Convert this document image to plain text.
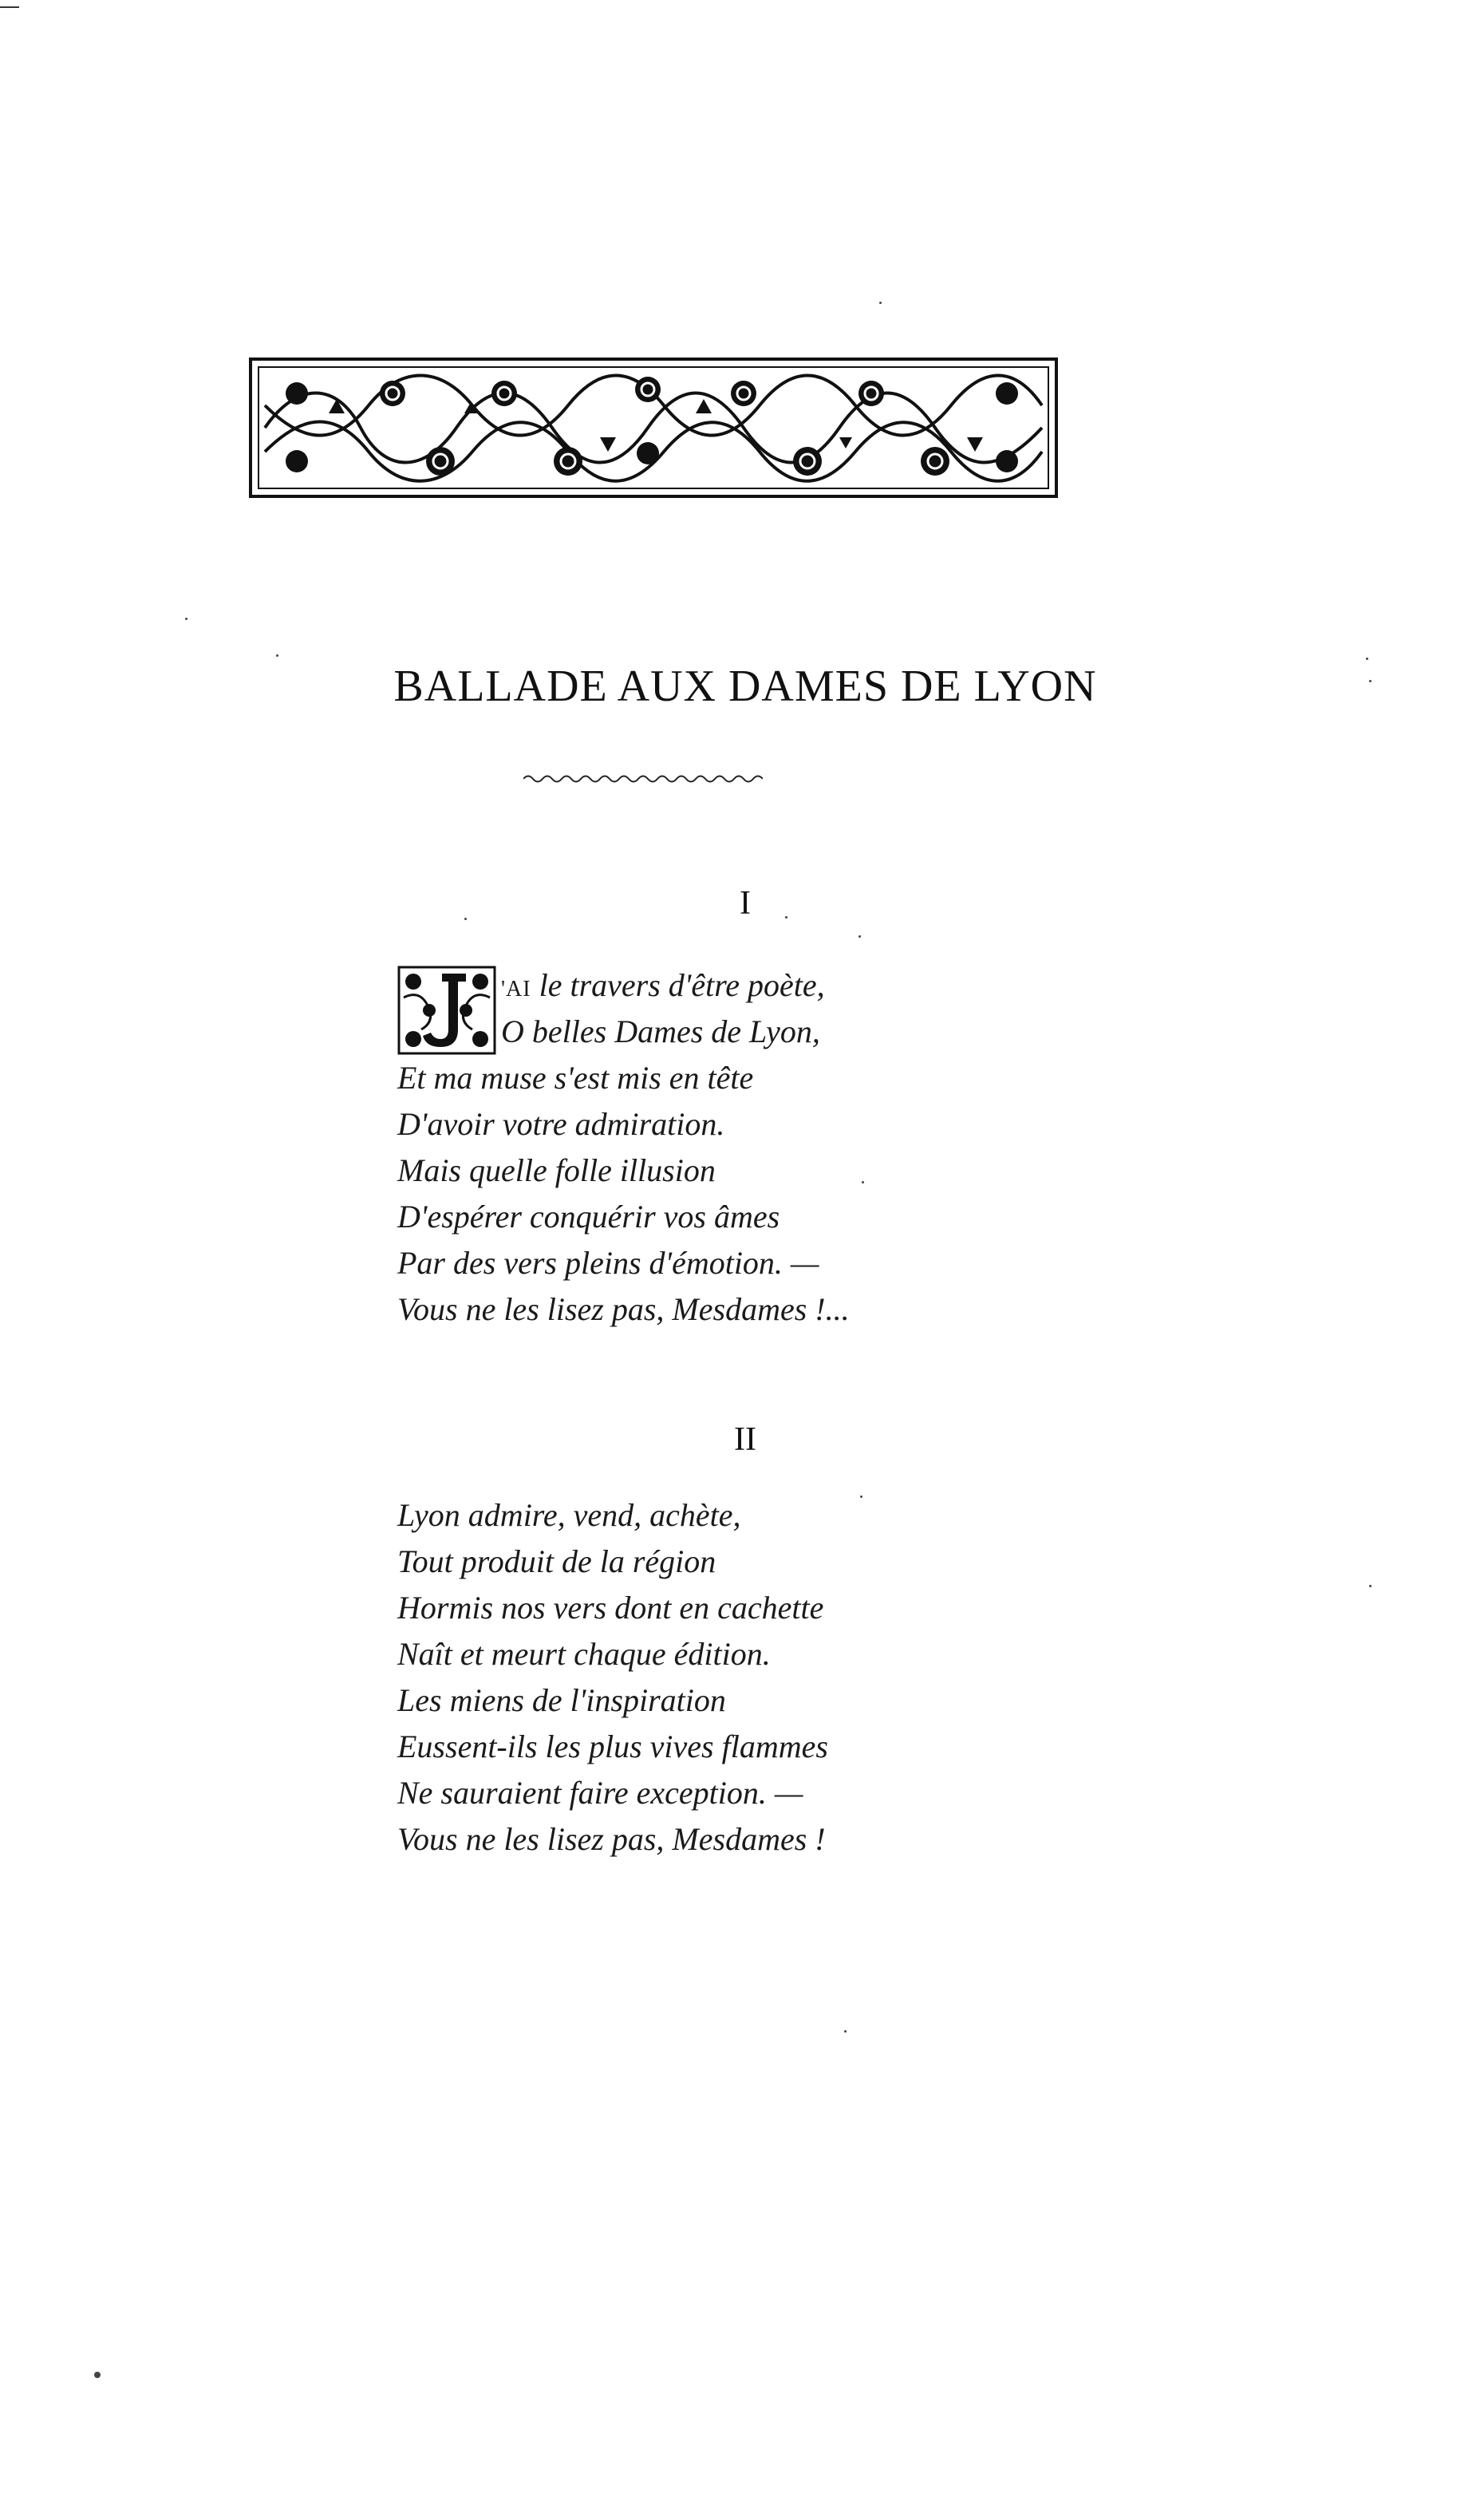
BALLADE AUX DAMES DE LYON
I
'AI le travers d'être poète,
O belles Dames de Lyon,
Et ma muse s'est mis en tête
D'avoir votre admiration.
Mais quelle folle illusion
D'espérer conquérir vos âmes
Par des vers pleins d'émotion. —
Vous ne les lisez pas, Mesdames !...
II
Lyon admire, vend, achète,
Tout produit de la région
Hormis nos vers dont en cachette
Naît et meurt chaque édition.
Les miens de l'inspiration
Eussent-ils les plus vives flammes
Ne sauraient faire exception. —
Vous ne les lisez pas, Mesdames !
